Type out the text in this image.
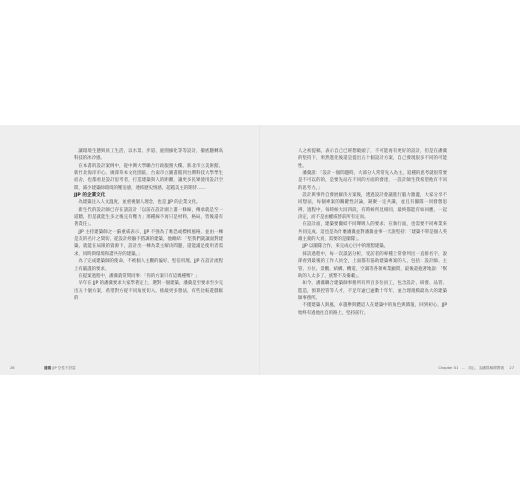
讓環境生態與員工生活，以水景、步道、庭園綠化等等設計，徹底翻轉高科技的冰冷感。

在本書的設計案例中，從中興大學聯合行政服務大樓、新北市立美術館、新竹北海岸市心、廣澤草本文化園區，台南市立圖書館到台灣科技大學學生宿舍，也都看見設計思考者，打造建築與人的距離，讓更多民眾使用設計空間，減少建築師環境的壓迫感，連結歷史情感，超越美主的期待……

JJP 的企業文化

為建築注入人文溫度，並重視個人理念，也是 JJP 的企業文化。

新生代的設計師已存在諸設計「以前在設計圖上畫一條線，傳承就是至一道牆，但是就能生多之後完有壓力」那種線不再只是材料，格局，皆後還有著責任」。

JJP 主持建築師之一蘇重威表示，JJP 不強為了唯恐或標榜風格，並由一棟是友的名片之間切，從設計經驗不搭調的建築，他總結：「堅我們就讓面對建築，就能在局限的資源下，設計出一棟為業主解決問題，還能滿足使用者需求，同時與環境和諧共存的建築。」

為了完成建築師的使命，不被個人主觀的偏好，堅信用理。JJP 在設計流程上有嚴謹的要求。

在提案過程中，潘冀就常問同事：「你的方案只有這幾種嗎？」

早年在 JJP 的潘冀要求大家學著定上，選對一個建築，潘冀是至要求至少完出五十個方案，希望對方從不同角度切入，推敲更多想法，有些比較遊戲鬆的

26	潘冀 JJP 空性不設雷

人之初提稿，表示自己已經想破頭了，不可能再有更好的設計，但是在潘冀的堅持下，果然進化後還是提出五十個設計方案，自己發現很多不同的可能性。

潘冀說：「設計一個問題時，大部分人常常先入為主，追種的思考就很常要是不可以的的，是要先站在不同的方面的發達，一設計師生我希望他有不同的思考力。」

設計與事件自發展解決方案後，透過設計會議進行腦力激盪，大家分享不同想法，每個專案的關鍵性討論，凝聚一定共識，並且有團隊一同發想思辨，過程中，每時候大同四段，有時候所見相同，最終都能有如回應，一起決定，而不是由權威替前所有定而。

在設計面，建築要團結不同聲吸人的要求；在執行面，也需要不同專業來共同完成，這也是為什麼潘冀並對潘冀並事一天說堅持：「建築不單是個人英雄主義的大貢，需要的是團隊」。

JJP 以團隊合作，來完成心目中的理想建築。

採訪過程中，每一次談話分析，受訪者的專種上常會列出一直排名字，說卻看到最後的工作人員全，上面都有協助建築專案的人，包括：設計師、主管、方位、景觀、結構、機電、空調等各領專業顧問，最後還抱著地說：「幫助的人太多了，族繁不及備載」。

如今，潘冀聯合建築師事務所有所百多位員工，包含設計、研發、品管、監造，預算控管等人才，不足年逾已逾數十年年，並合理規模最為大的建築師事務所。

不僅建築人與風，卓越參與體這人在建築中的角色與價值，回到初心，JJP 始終有過他往自的路上，堅持前行。

Chapter 01 — 初心．為團隊解開問號 27
